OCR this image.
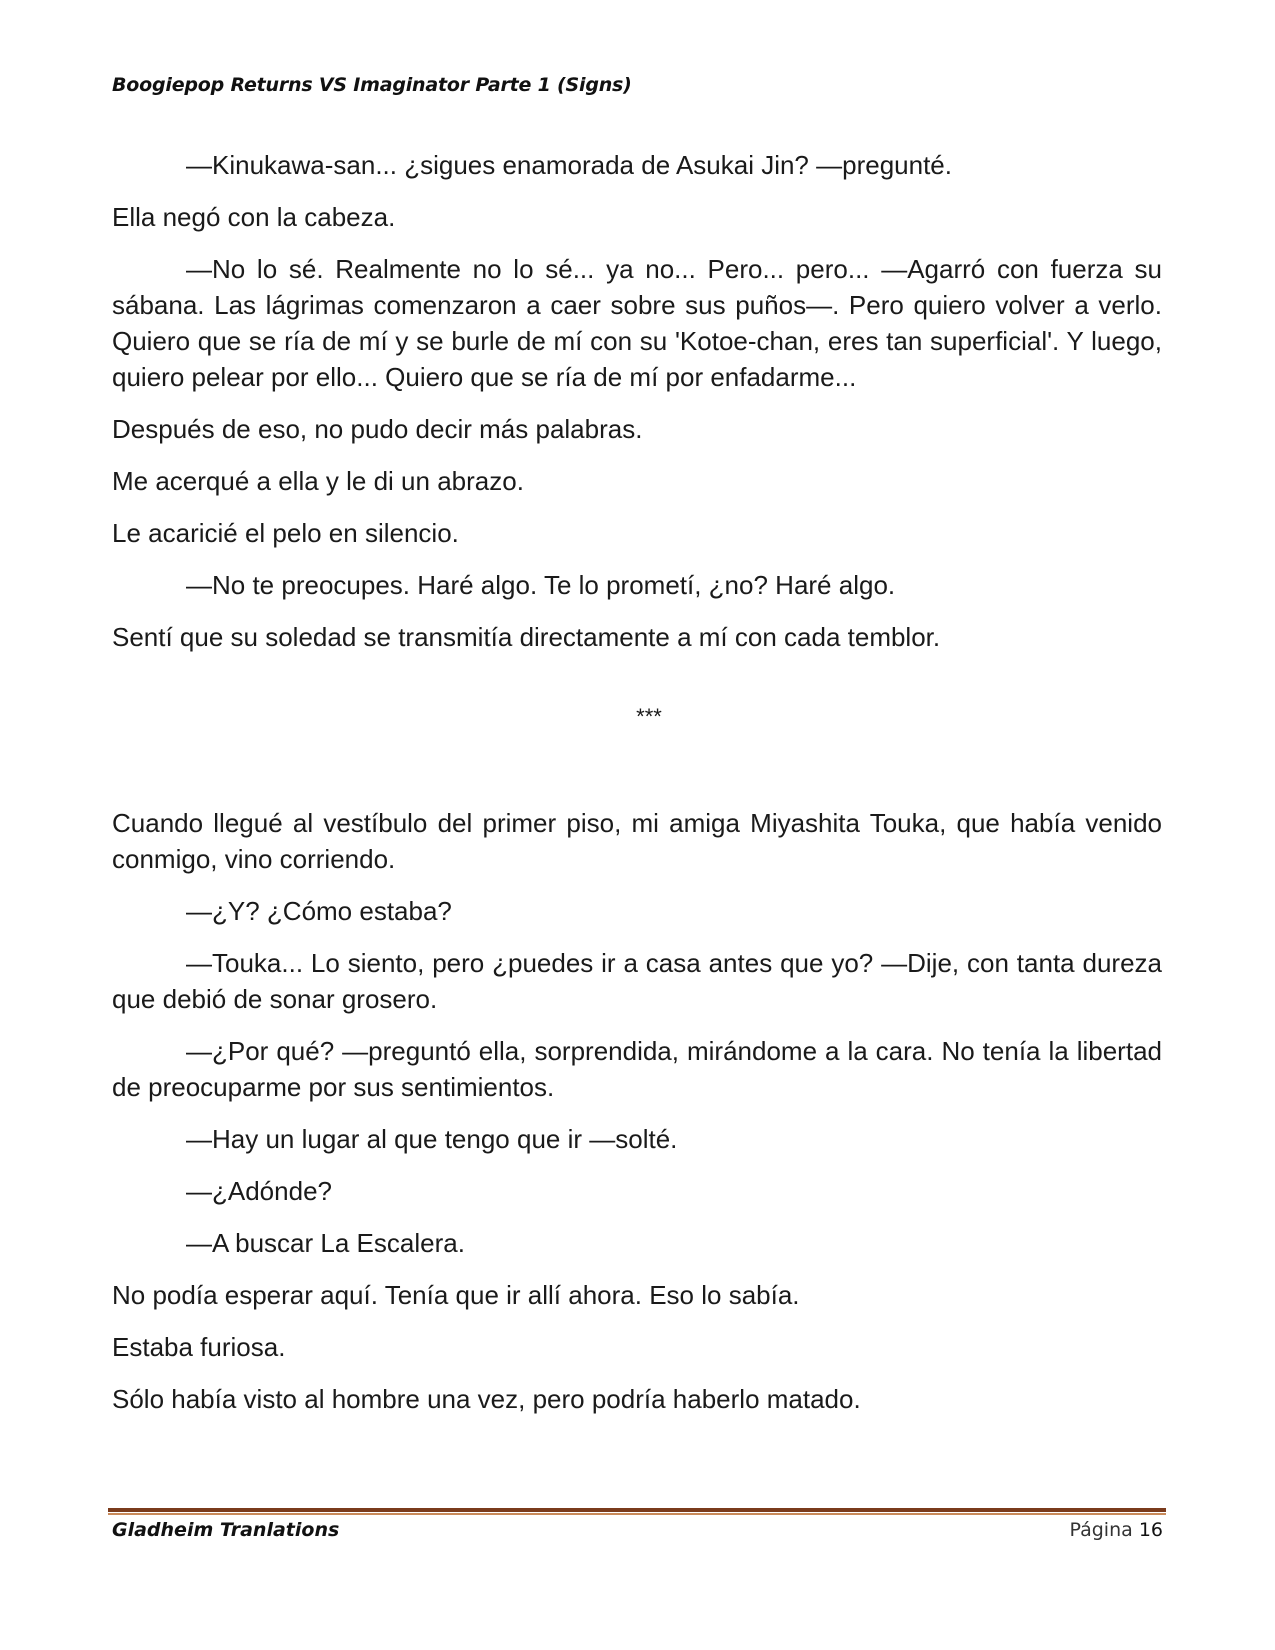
Boogiepop Returns VS Imaginator Parte 1 (Signs)

—Kinukawa-san... ¿sigues enamorada de Asukai Jin? —pregunté.

Ella negó con la cabeza.

—No lo sé. Realmente no lo sé... ya no... Pero... pero... —Agarró con fuerza su sábana. Las lágrimas comenzaron a caer sobre sus puños—. Pero quiero volver a verlo. Quiero que se ría de mí y se burle de mí con su 'Kotoe-chan, eres tan superficial'. Y luego, quiero pelear por ello... Quiero que se ría de mí por enfadarme...

Después de eso, no pudo decir más palabras.

Me acerqué a ella y le di un abrazo.

Le acaricié el pelo en silencio.

—No te preocupes. Haré algo. Te lo prometí, ¿no? Haré algo.

Sentí que su soledad se transmitía directamente a mí con cada temblor.

***

Cuando llegué al vestíbulo del primer piso, mi amiga Miyashita Touka, que había venido conmigo, vino corriendo.

—¿Y? ¿Cómo estaba?

—Touka... Lo siento, pero ¿puedes ir a casa antes que yo? —Dije, con tanta dureza que debió de sonar grosero.

—¿Por qué? —preguntó ella, sorprendida, mirándome a la cara. No tenía la libertad de preocuparme por sus sentimientos.

—Hay un lugar al que tengo que ir —solté.

—¿Adónde?

—A buscar La Escalera.

No podía esperar aquí. Tenía que ir allí ahora. Eso lo sabía.

Estaba furiosa.

Sólo había visto al hombre una vez, pero podría haberlo matado.

Gladheim Tranlations	Página 16
